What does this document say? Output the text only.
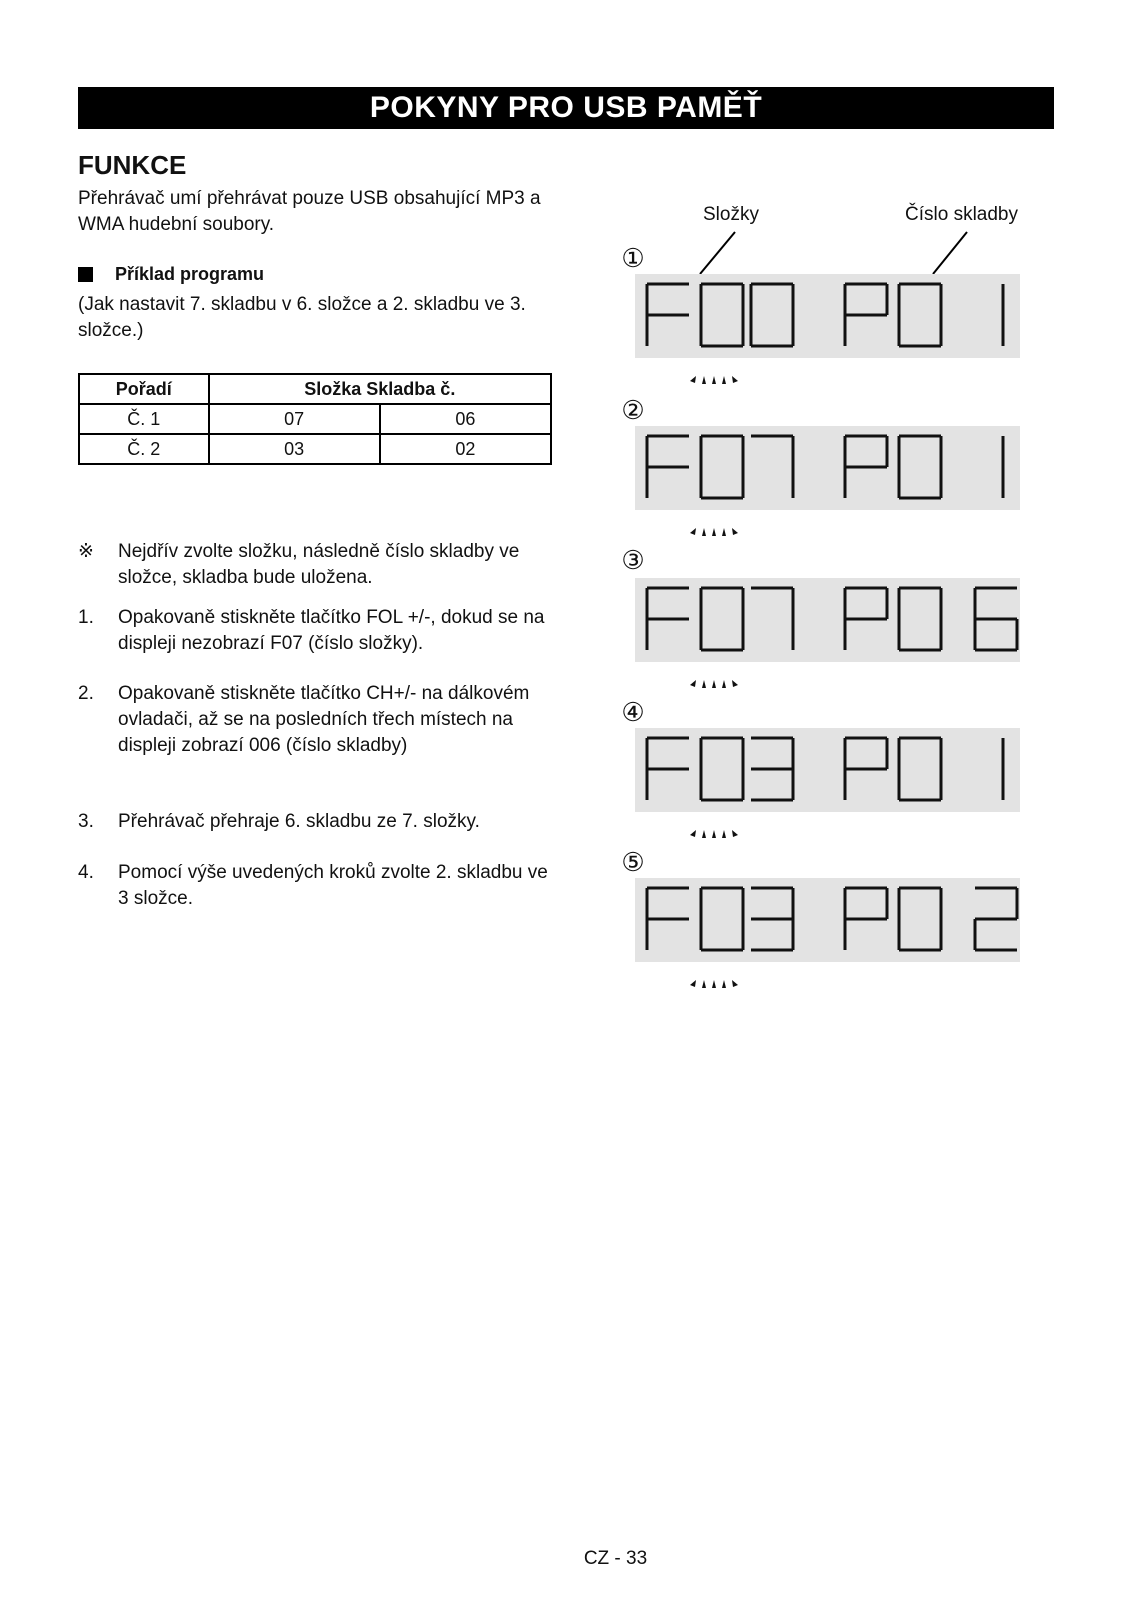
POKYNY PRO USB PAMĚŤ
FUNKCE
Přehrávač umí přehrávat pouze USB obsahující MP3 a WMA hudební soubory.
Příklad programu
(Jak nastavit 7. skladbu v 6. složce a 2. skladbu ve 3. složce.)
Pořadí	Složka Skladba č.	
Č. 1	07	06
Č. 2	03	02
※ Nejdřív zvolte složku, následně číslo skladby ve složce, skladba bude uložena.
1. Opakovaně stiskněte tlačítko FOL +/-, dokud se na displeji nezobrazí F07 (číslo složky).
2. Opakovaně stiskněte tlačítko CH+/- na dálkovém ovladači, až se na posledních třech místech na displeji zobrazí 006 (číslo skladby)
3. Přehrávač přehraje 6. skladbu ze 7. složky.
4. Pomocí výše uvedených kroků zvolte 2. skladbu ve 3 složce.
Složky	Číslo skladby
①
F00 P01
②
F07 P01
③
F07 P06
④
F03 P01
⑤
F03 P02
CZ - 33
